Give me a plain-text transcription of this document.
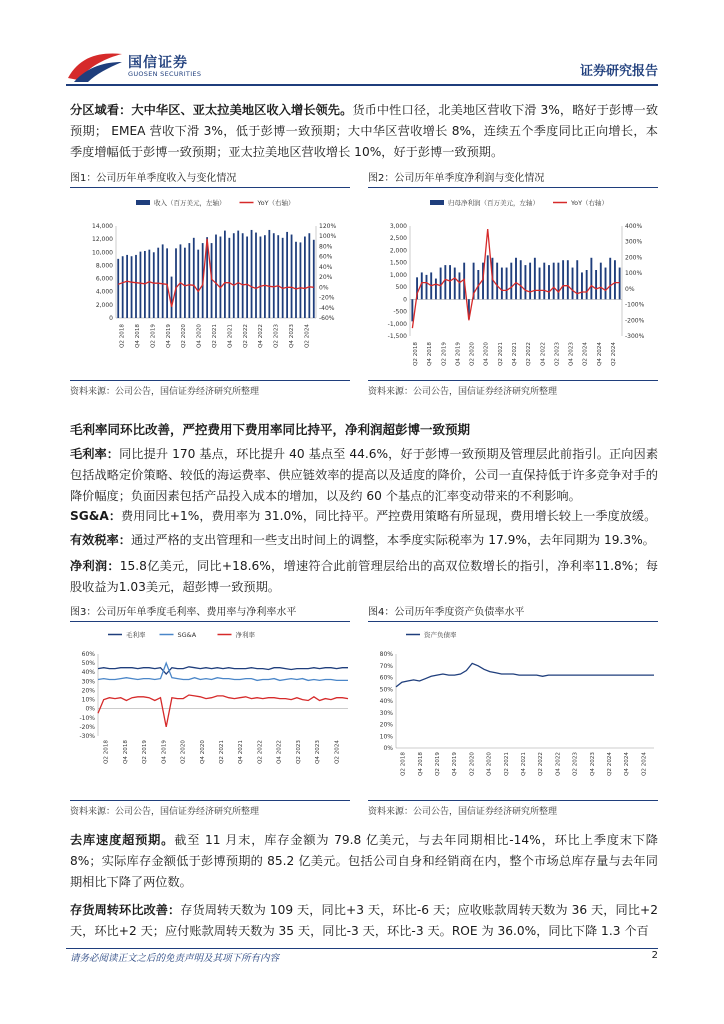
国信证券
GUOSEN SECURITIES	证券研究报告
分区域看：大中华区、亚太拉美地区收入增长领先。货币中性口径，北美地区营收下滑 3%，略好于彭博一致预期； EMEA 营收下滑 3%，低于彭博一致预期；大中华区营收增长 8%，连续五个季度同比正向增长，本季度增幅低于彭博一致预期；亚太拉美地区营收增长 10%，好于彭博一致预期。
图1：公司历年单季度收入与变化情况
收入（百万美元，左轴）	YoY（右轴）
0
2,000
4,000
6,000
8,000
10,000
12,000
14,000
-60%
-40%
-20%
0%
20%
40%
60%
80%
100%
120%
Q2 2018 Q4 2018 Q2 2019 Q4 2019 Q2 2020 Q4 2020 Q2 2021 Q4 2021 Q2 2022 Q4 2022 Q2 2023 Q4 2023 Q2 2024
资料来源：公司公告，国信证券经济研究所整理
图2：公司历年单季度净利润与变化情况
归母净利润（百万美元，左轴）	YoY（右轴）
-1,500
-1,000
-500
0
500
1,000
1,500
2,000
2,500
3,000
-300%
-200%
-100%
0%
100%
200%
300%
400%
Q2 2018 Q4 2018 Q2 2019 Q4 2019 Q2 2020 Q4 2020 Q2 2021 Q4 2021 Q2 2022 Q4 2022 Q2 2023 Q4 2023 Q2 2024 Q4 2024 Q2 2024
资料来源：公司公告，国信证券经济研究所整理
毛利率同环比改善，严控费用下费用率同比持平，净利润超彭博一致预期
毛利率：同比提升 170 基点，环比提升 40 基点至 44.6%，好于彭博一致预期及管理层此前指引。正向因素包括战略定价策略、较低的海运费率、供应链效率的提高以及适度的降价，公司一直保持低于许多竞争对手的降价幅度；负面因素包括产品投入成本的增加，以及约 60 个基点的汇率变动带来的不利影响。
SG&A：费用同比+1%，费用率为 31.0%，同比持平。严控费用策略有所显现，费用增长较上一季度放缓。
有效税率：通过严格的支出管理和一些支出时间上的调整，本季度实际税率为 17.9%，去年同期为 19.3%。
净利润：15.8亿美元，同比+18.6%，增速符合此前管理层给出的高双位数增长的指引，净利率11.8%；每股收益为1.03美元，超彭博一致预期。
图3：公司历年单季度毛利率、费用率与净利率水平
毛利率	SG&A	净利率
-30%
-20%
-10%
0%
10%
20%
30%
40%
50%
60%
Q2 2018 Q4 2018 Q2 2019 Q4 2019 Q2 2020 Q4 2020 Q2 2021 Q4 2021 Q2 2022 Q4 2022 Q2 2023 Q4 2023 Q2 2024
资料来源：公司公告，国信证券经济研究所整理
图4：公司历年季度资产负债率水平
资产负债率
0%
10%
20%
30%
40%
50%
60%
70%
80%
Q2 2018 Q4 2018 Q2 2019 Q4 2019 Q2 2020 Q4 2020 Q2 2021 Q4 2021 Q2 2022 Q4 2022 Q2 2023 Q4 2023 Q2 2024 Q4 2024 Q2 2024
资料来源：公司公告，国信证券经济研究所整理
去库速度超预期。截至 11 月末，库存金额为 79.8 亿美元，与去年同期相比-14%，环比上季度末下降 8%；实际库存金额低于彭博预期的 85.2 亿美元。包括公司自身和经销商在内，整个市场总库存量与去年同期相比下降了两位数。
存货周转环比改善：存货周转天数为 109 天，同比+3 天，环比-6 天；应收账款周转天数为 36 天，同比+2 天，环比+2 天；应付账款周转天数为 35 天，同比-3 天，环比-3 天。ROE 为 36.0%，同比下降 1.3 个百
请务必阅读正文之后的免责声明及其项下所有内容	2
